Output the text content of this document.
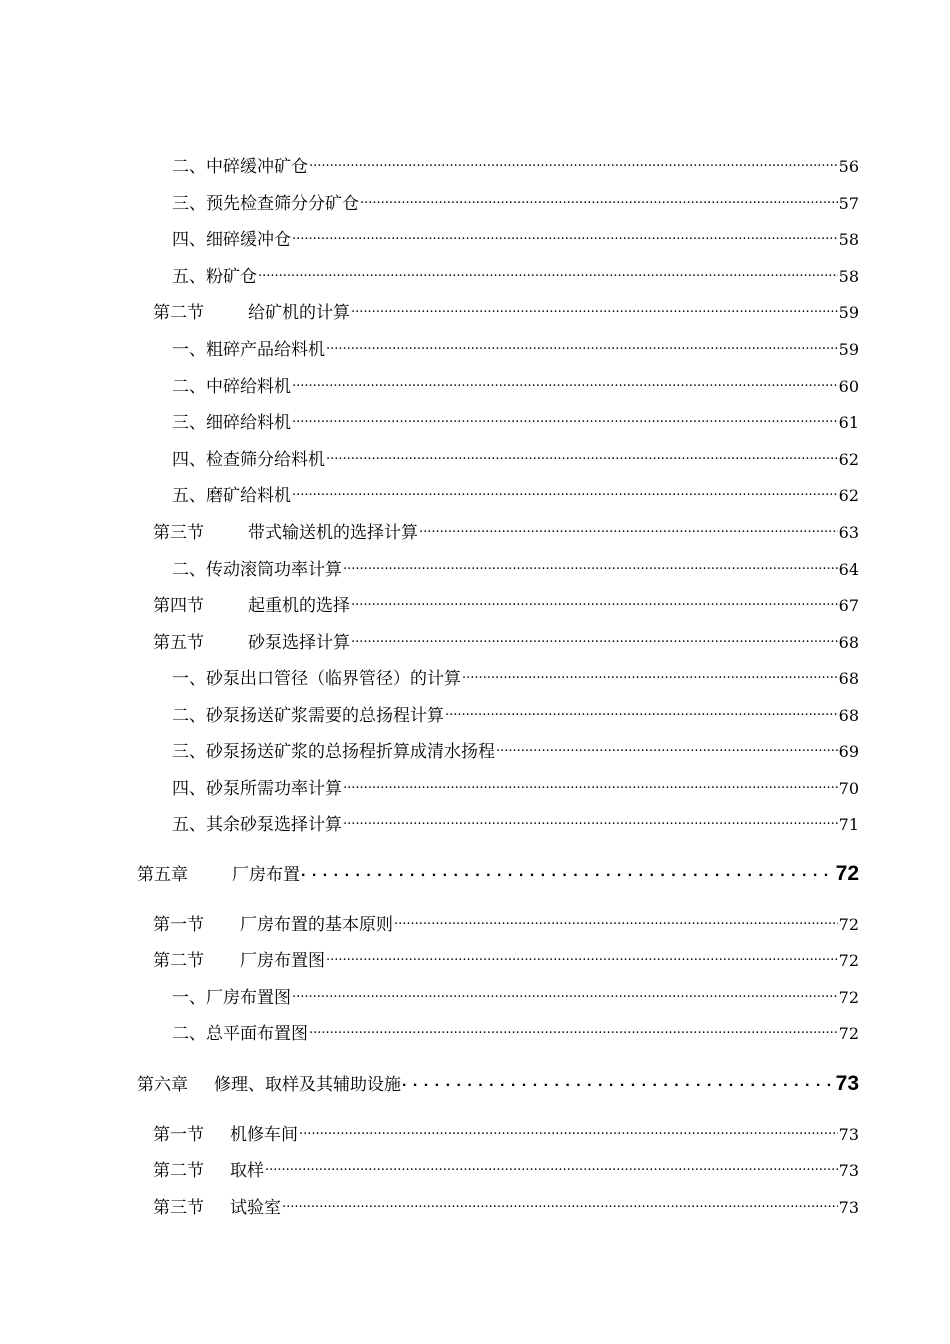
二、中碎缓冲矿仓 .....	56
三、预先检查筛分分矿仓 .....	57
四、细碎缓冲仓 .....	58
五、粉矿仓 .....	58
第二节	给矿机的计算 .....	59
一、粗碎产品给料机 .....	59
二、中碎给料机 .....	60
三、细碎给料机 .....	61
四、检查筛分给料机 .....	62
五、磨矿给料机 .....	62
第三节	带式输送机的选择计算 .....	63
二、传动滚筒功率计算 .....	64
第四节	起重机的选择 .....	67
第五节	砂泵选择计算 .....	68
一、砂泵出口管径（临界管径）的计算 .....	68
二、砂泵扬送矿浆需要的总扬程计算 .....	68
三、砂泵扬送矿浆的总扬程折算成清水扬程 .....	69
四、砂泵所需功率计算 .....	70
五、其余砂泵选择计算 .....	71
第五章	厂房布置 . . .	72
第一节 厂房布置的基本原则 .....	72
第二节 厂房布置图 .....	72
一、厂房布置图 .....	72
二、总平面布置图 .....	72
第六章 修理、取样及其辅助设施 . . .	73
第一节 机修车间 .....	73
第二节 取样 .....	73
第三节 试验室 .....	73
